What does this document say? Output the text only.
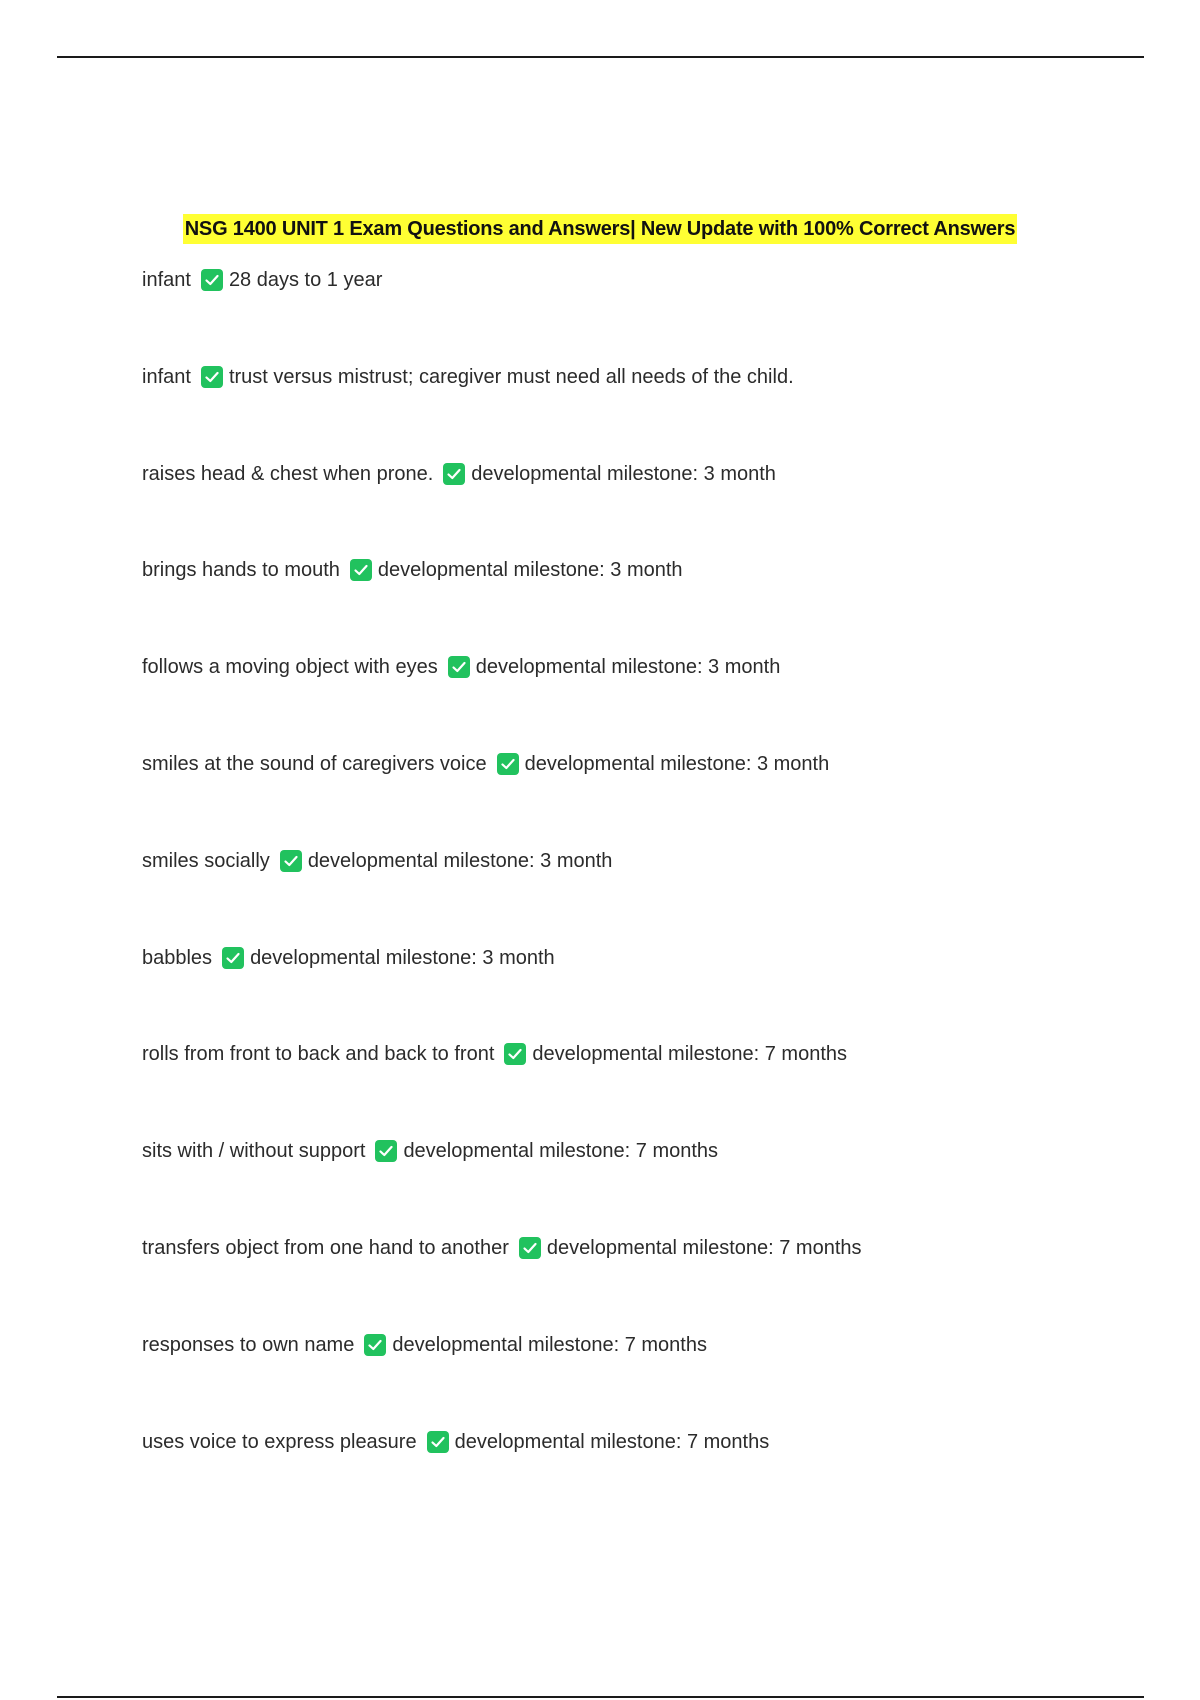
NSG 1400 UNIT 1 Exam Questions and Answers| New Update with 100% Correct Answers
infant 28 days to 1 year
infant trust versus mistrust; caregiver must need all needs of the child.
raises head & chest when prone. developmental milestone: 3 month
brings hands to mouth developmental milestone: 3 month
follows a moving object with eyes developmental milestone: 3 month
smiles at the sound of caregivers voice developmental milestone: 3 month
smiles socially developmental milestone: 3 month
babbles developmental milestone: 3 month
rolls from front to back and back to front developmental milestone: 7 months
sits with / without support developmental milestone: 7 months
transfers object from one hand to another developmental milestone: 7 months
responses to own name developmental milestone: 7 months
uses voice to express pleasure developmental milestone: 7 months
